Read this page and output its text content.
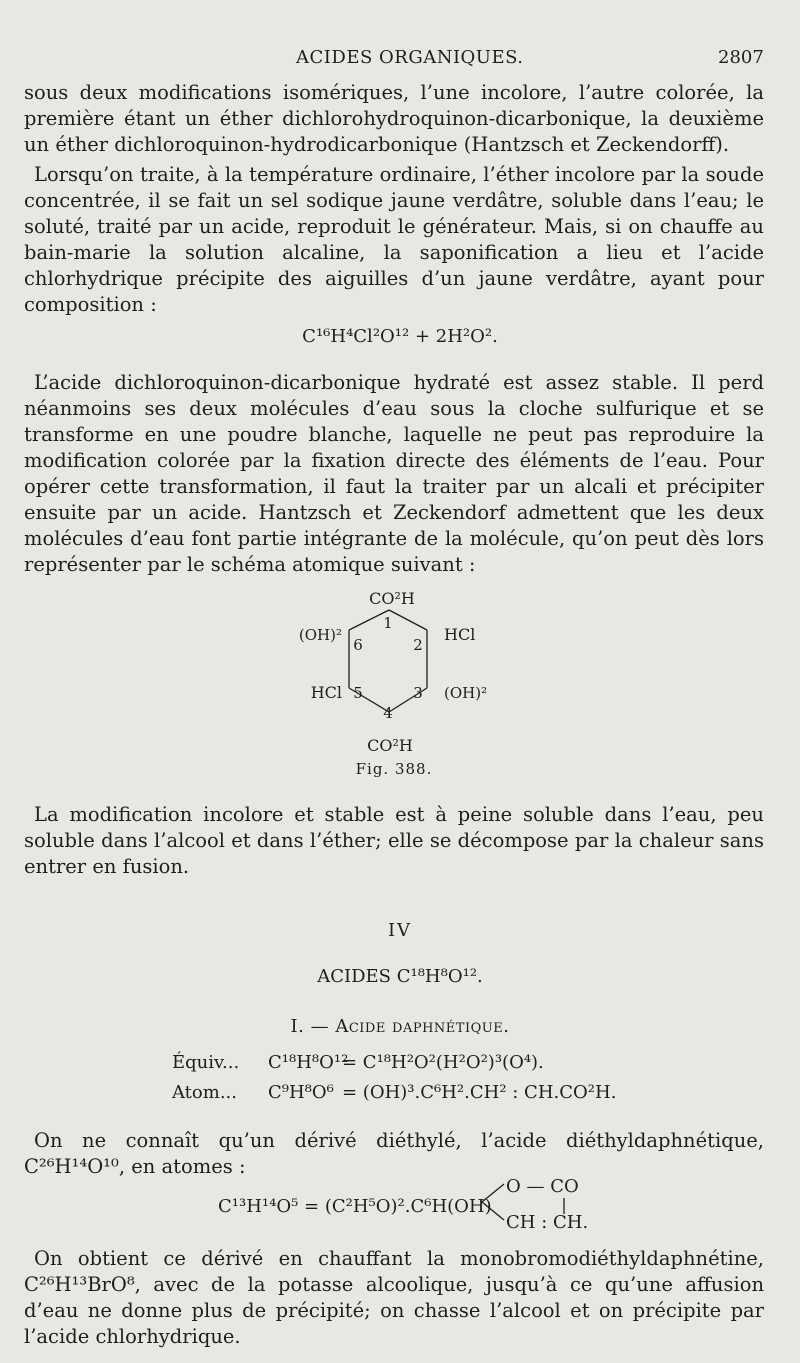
ACIDES ORGANIQUES.	2807

sous deux modifications isomériques, l’une incolore, l’autre colorée, la première étant un éther dichlorohydroquinon-dicarbonique, la deuxième un éther dichloroquinon-hydrodicarbonique (Hantzsch et Zeckendorff).

Lorsqu’on traite, à la température ordinaire, l’éther incolore par la soude concentrée, il se fait un sel sodique jaune verdâtre, soluble dans l’eau; le soluté, traité par un acide, reproduit le générateur. Mais, si on chauffe au bain-marie la solution alcaline, la saponification a lieu et l’acide chlorhydrique précipite des aiguilles d’un jaune verdâtre, ayant pour composition :

C¹⁶H⁴Cl²O¹² + 2H²O².

L’acide dichloroquinon-dicarbonique hydraté est assez stable. Il perd néanmoins ses deux molécules d’eau sous la cloche sulfurique et se transforme en une poudre blanche, laquelle ne peut pas reproduire la modification colorée par la fixation directe des éléments de l’eau. Pour opérer cette transformation, il faut la traiter par un alcali et précipiter ensuite par un acide. Hantzsch et Zeckendorf admettent que les deux molécules d’eau font partie intégrante de la molécule, qu’on peut dès lors représenter par le schéma atomique suivant :

CO²H
CO²H
(OH)²	HCl
HCl	(OH)²
1
2
3
4
5
6

Fig. 388.

La modification incolore et stable est à peine soluble dans l’eau, peu soluble dans l’alcool et dans l’éther; elle se décompose par la chaleur sans entrer en fusion.

IV

ACIDES C¹⁸H⁸O¹².

I. — Acide daphnétique.

Équiv... C¹⁸H⁸O¹²
= C¹⁸H²O²(H²O²)³(O⁴).
Atom... C⁹H⁸O⁶ = (OH)³.C⁶H².CH² : CH.CO²H.

On ne connaît qu’un dérivé diéthylé, l’acide diéthyldaphnétique, C²⁶H¹⁴O¹⁰, en atomes :

C¹³H¹⁴O⁵ = (C²H⁵O)².C⁶H(OH)
O — CO
CH : CH.

On obtient ce dérivé en chauffant la monobromodiéthyldaphnétine, C²⁶H¹³BrO⁸, avec de la potasse alcoolique, jusqu’à ce qu’une affusion d’eau ne donne plus de précipité; on chasse l’alcool et on précipite par l’acide chlorhydrique.
